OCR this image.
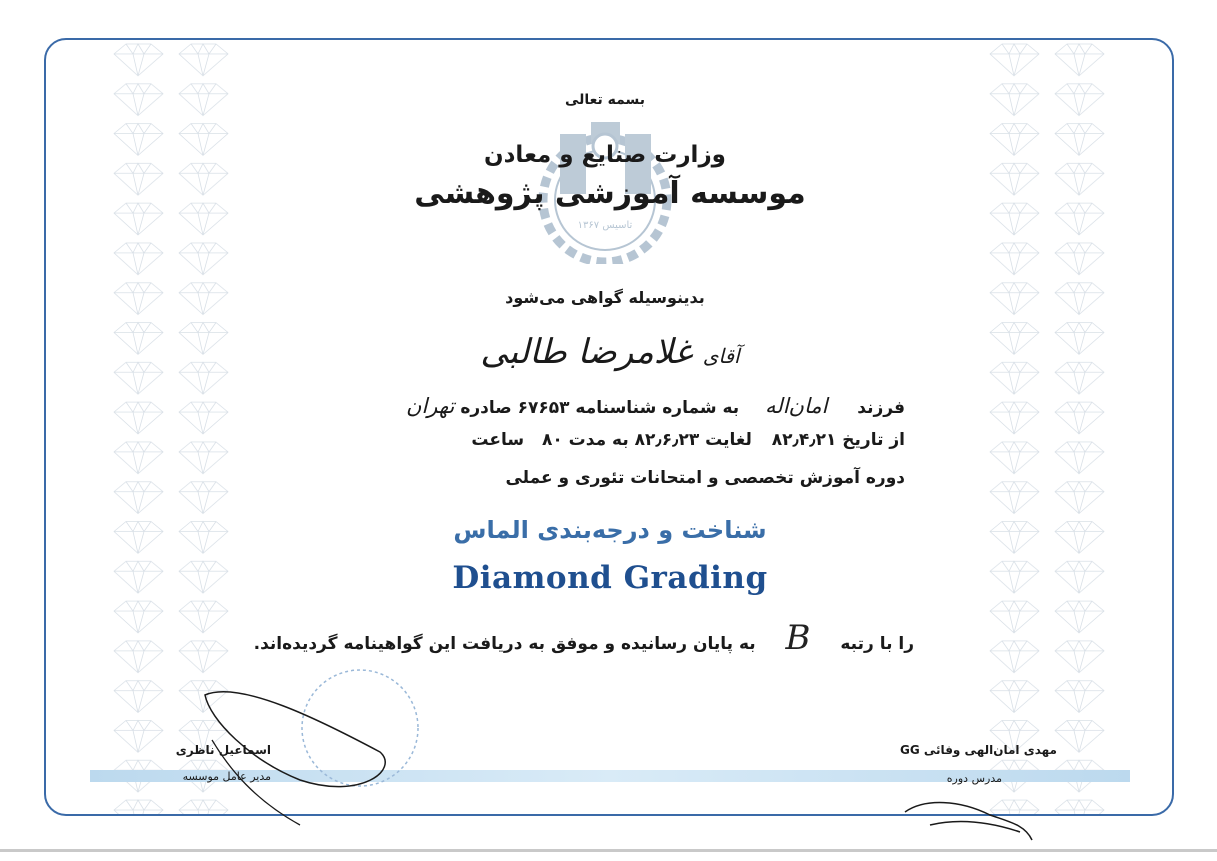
تاسیس ۱۳۶۷
بسمه تعالی
وزارت صنایع و معادن
موسسه آموزشی پژوهشی
بدینوسیله گواهی می‌شود
آقای غلامرضا طالبی
فرزند  امان‌اله  به شماره شناسنامه ۶۷۶۵۳ صادره تهران
از تاریخ ۸۲٫۴٫۲۱  لغایت ۸۲٫۶٫۲۳ به مدت ۸۰  ساعت
دوره آموزش تخصصی و امتحانات تئوری و عملی
شناخت و درجه‌بندی الماس
Diamond Grading
را با رتبه  B  به پایان رسانیده و موفق به دریافت این گواهینامه گردیده‌اند.
اسماعیل ناظری
مدیر عامل موسسه
مهدی امان‌الهی وفائی GG
مدرس دوره
